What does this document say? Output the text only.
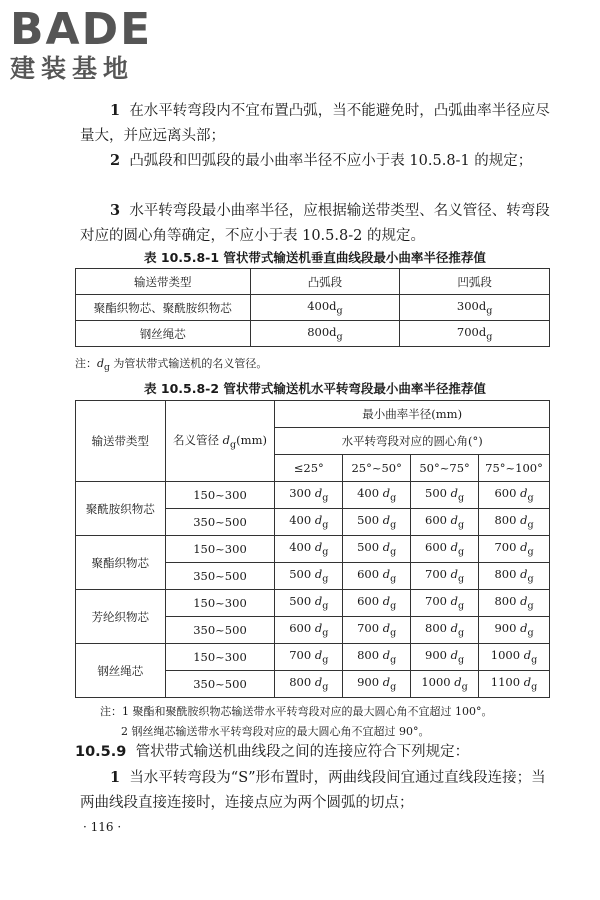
BADE
建装基地
1 在水平转弯段内不宜布置凸弧，当不能避免时，凸弧曲率半径应尽量大，并应远离头部；
2 凸弧段和凹弧段的最小曲率半径不应小于表 10.5.8-1 的规定；
3 水平转弯段最小曲率半径，应根据输送带类型、名义管径、转弯段对应的圆心角等确定，不应小于表 10.5.8-2 的规定。
表 10.5.8-1 管状带式输送机垂直曲线段最小曲率半径推荐值
输送带类型	凸弧段	凹弧段
聚酯织物芯、聚酰胺织物芯	$400d_g$	$300d_g$
钢丝绳芯	$800d_g$	$700d_g$
注：$d_g$ 为管状带式输送机的名义管径。
表 10.5.8-2 管状带式输送机水平转弯段最小曲率半径推荐值
输送带类型	名义管径 $d_g(mm)$	最小曲率半径(mm)			
		水平转弯段对应的圆心角(°)			
		≤25°	25°~50°	50°~75°	75°~100°
聚酰胺织物芯	150~300	300 $d_g$	400 $d_g$	500 $d_g$	600 $d_g$
	350~500	400 $d_g$	500 $d_g$	600 $d_g$	800 $d_g$
聚酯织物芯	150~300	400 $d_g$	500 $d_g$	600 $d_g$	700 $d_g$
	350~500	500 $d_g$	600 $d_g$	700 $d_g$	800 $d_g$
芳纶织物芯	150~300	500 $d_g$	600 $d_g$	700 $d_g$	800 $d_g$
	350~500	600 $d_g$	700 $d_g$	800 $d_g$	900 $d_g$
钢丝绳芯	150~300	700 $d_g$	800 $d_g$	900 $d_g$	1000 $d_g$
	350~500	800 $d_g$	900 $d_g$	1000 $d_g$	1100 $d_g$
注：1 聚酯和聚酰胺织物芯输送带水平转弯段对应的最大圆心角不宜超过 100°。
2 钢丝绳芯输送带水平转弯段对应的最大圆心角不宜超过 90°。
10.5.9 管状带式输送机曲线段之间的连接应符合下列规定：
1 当水平转弯段为“S”形布置时，两曲线段间宜通过直线段连接；当两曲线段直接连接时，连接点应为两个圆弧的切点；
· 116 ·
